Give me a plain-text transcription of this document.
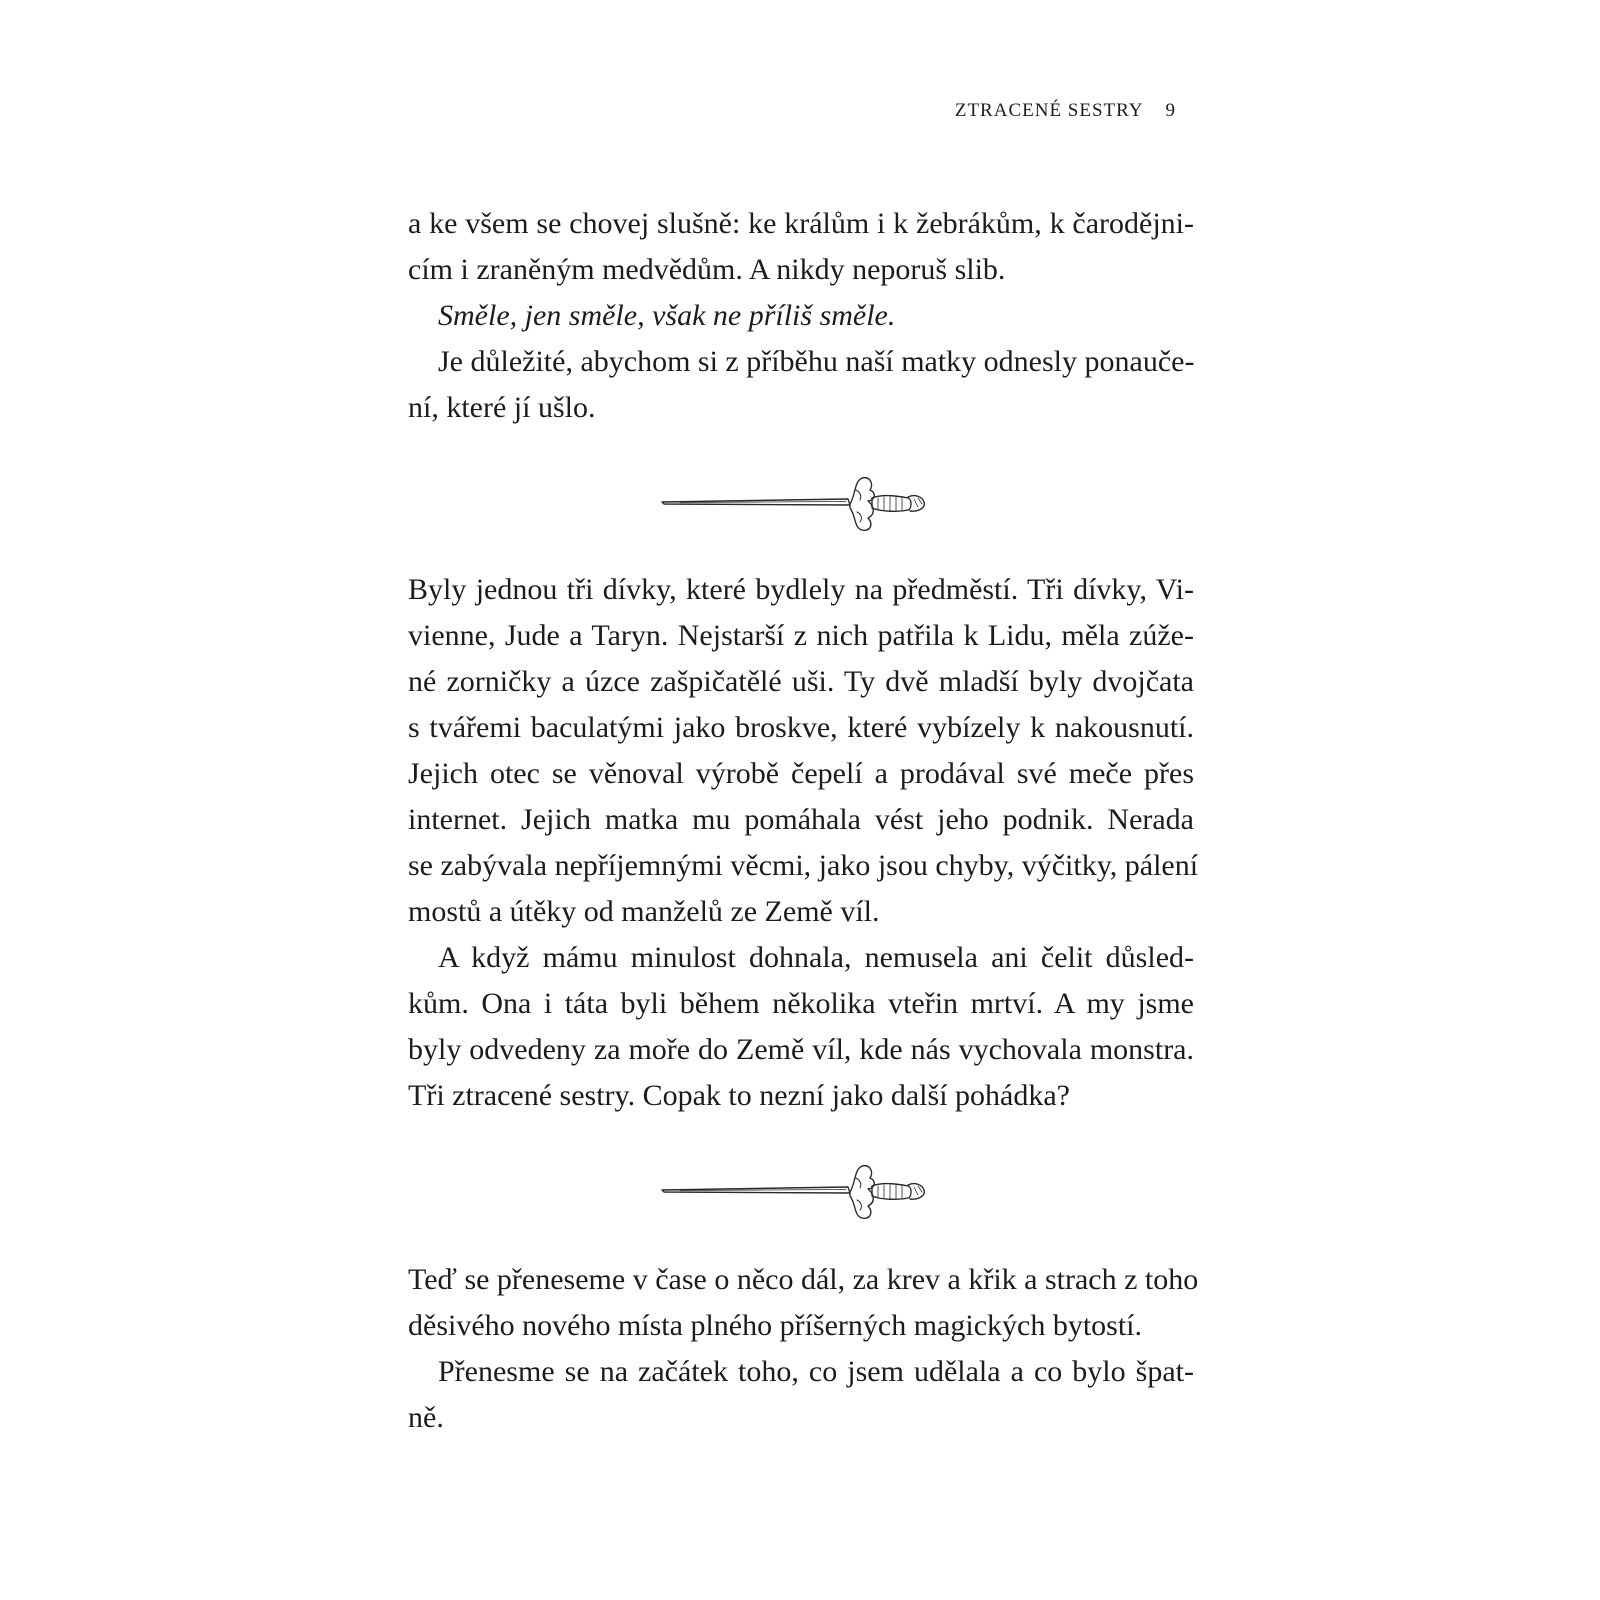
ZTRACENÉ SESTRY 9
a ke všem se chovej slušně: ke králům i k žebrákům, k čarodějni-
cím i zraněným medvědům. A nikdy neporuš slib.
Směle, jen směle, však ne příliš směle.
Je důležité, abychom si z příběhu naší matky odnesly ponauče-
ní, které jí ušlo.
Byly jednou tři dívky, které bydlely na předměstí. Tři dívky, Vi-
vienne, Jude a Taryn. Nejstarší z nich patřila k Lidu, měla zúže-
né zorničky a úzce zašpičatělé uši. Ty dvě mladší byly dvojčata
s tvářemi baculatými jako broskve, které vybízely k nakousnutí.
Jejich otec se věnoval výrobě čepelí a prodával své meče přes
internet. Jejich matka mu pomáhala vést jeho podnik. Nerada
se zabývala nepříjemnými věcmi, jako jsou chyby, výčitky, pálení
mostů a útěky od manželů ze Země víl.
A když mámu minulost dohnala, nemusela ani čelit důsled-
kům. Ona i táta byli během několika vteřin mrtví. A my jsme
byly odvedeny za moře do Země víl, kde nás vychovala monstra.
Tři ztracené sestry. Copak to nezní jako další pohádka?
Teď se přeneseme v čase o něco dál, za krev a křik a strach z toho
děsivého nového místa plného příšerných magických bytostí.
Přenesme se na začátek toho, co jsem udělala a co bylo špat-
ně.
